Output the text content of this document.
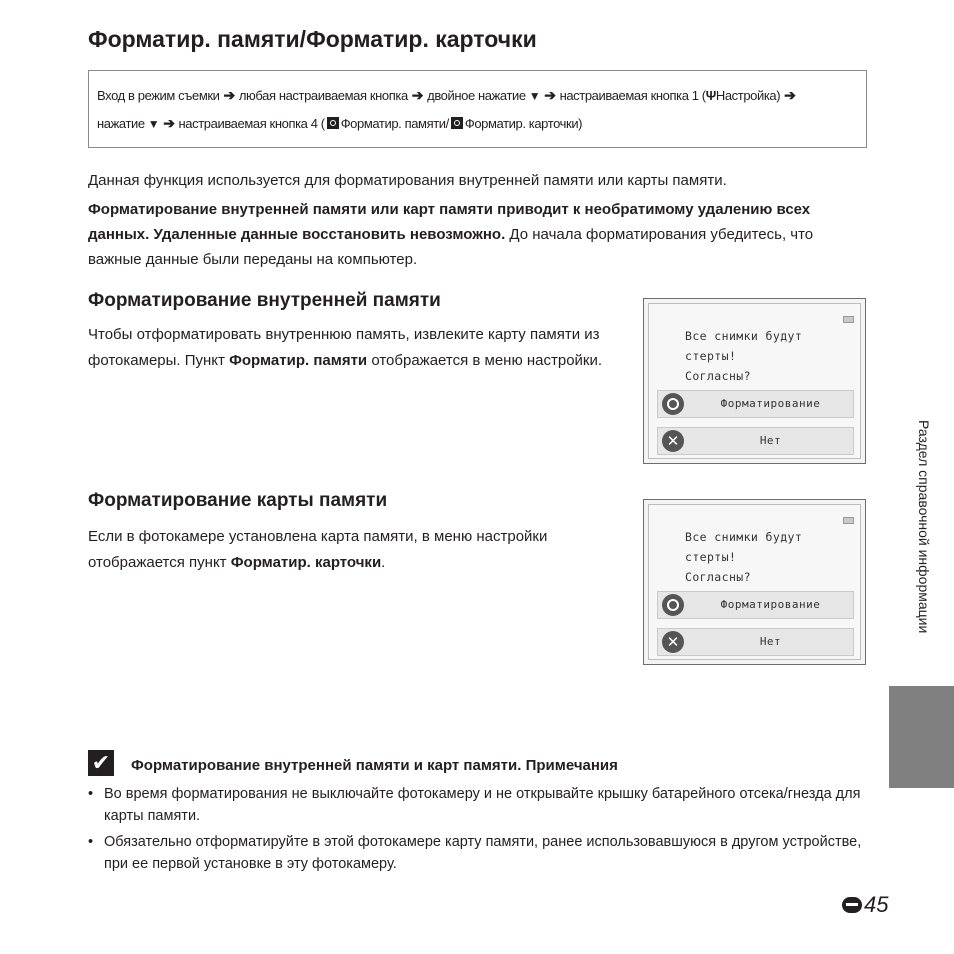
Форматир. памяти/Форматир. карточки
Вход в режим съемки ➔ любая настраиваемая кнопка ➔ двойное нажатие ▼ ➔ настраиваемая кнопка 1 (ΨНастройка) ➔
нажатие ▼ ➔ настраиваемая кнопка 4 ( Форматир. памяти/ Форматир. карточки)
Данная функция используется для форматирования внутренней памяти или карты памяти.
Форматирование внутренней памяти или карт памяти приводит к необратимому удалению всех данных. Удаленные данные восстановить невозможно. До начала форматирования убедитесь, что важные данные были переданы на компьютер.
Форматирование внутренней памяти
Чтобы отформатировать внутреннюю память, извлеките карту памяти из фотокамеры. Пункт Форматир. памяти отображается в меню настройки.
Все снимки будут стерты!
Согласны?
Форматирование
✕	Нет
Форматирование карты памяти
Если в фотокамере установлена карта памяти, в меню настройки отображается пункт Форматир. карточки.
Все снимки будут стерты!
Согласны?
Форматирование
✕	Нет
Раздел справочной информации
✔ Форматирование внутренней памяти и карт памяти. Примечания
• Во время форматирования не выключайте фотокамеру и не открывайте крышку батарейного отсека/гнезда для карты памяти.
• Обязательно отформатируйте в этой фотокамере карту памяти, ранее использовавшуюся в другом устройстве, при ее первой установке в эту фотокамеру.
45
